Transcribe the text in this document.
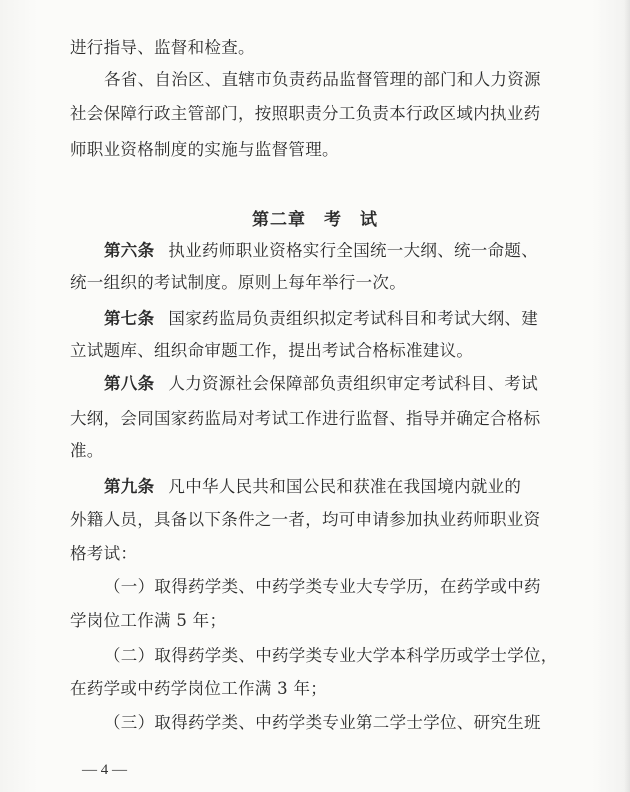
进行指导、监督和检查。
各省、自治区、直辖市负责药品监督管理的部门和人力资源
社会保障行政主管部门，按照职责分工负责本行政区域内执业药
师职业资格制度的实施与监督管理。
第二章　考　试
第六条 执业药师职业资格实行全国统一大纲、统一命题、
统一组织的考试制度。原则上每年举行一次。
第七条 国家药监局负责组织拟定考试科目和考试大纲、建
立试题库、组织命审题工作，提出考试合格标准建议。
第八条 人力资源社会保障部负责组织审定考试科目、考试
大纲，会同国家药监局对考试工作进行监督、指导并确定合格标
准。
第九条 凡中华人民共和国公民和获准在我国境内就业的
外籍人员，具备以下条件之一者，均可申请参加执业药师职业资
格考试：
（一）取得药学类、中药学类专业大专学历，在药学或中药
学岗位工作满 5 年；
（二）取得药学类、中药学类专业大学本科学历或学士学位，
在药学或中药学岗位工作满 3 年；
（三）取得药学类、中药学类专业第二学士学位、研究生班
— 4 —
